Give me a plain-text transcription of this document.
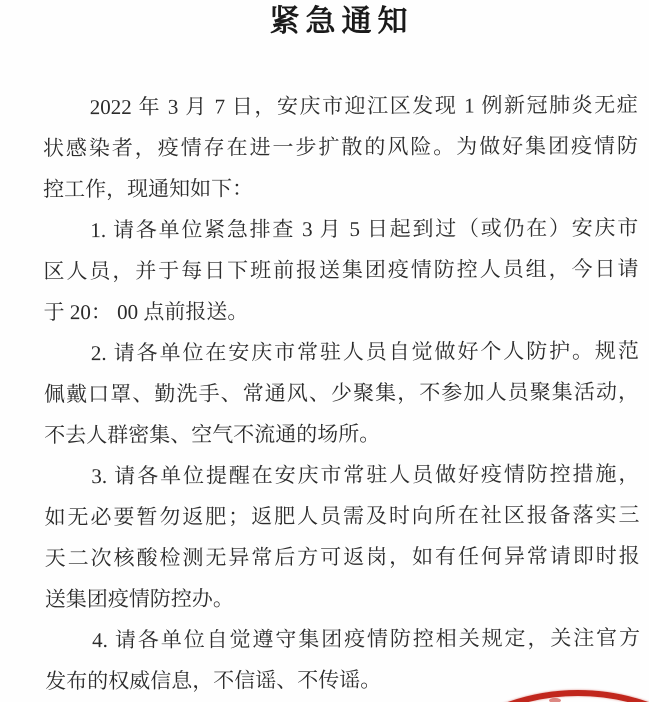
紧急通知
2022 年 3 月 7 日，安庆市迎江区发现 1 例新冠肺炎无症
状感染者，疫情存在进一步扩散的风险。为做好集团疫情防
控工作，现通知如下：
1. 请各单位紧急排查 3 月 5 日起到过（或仍在）安庆市
区人员，并于每日下班前报送集团疫情防控人员组，今日请
于 20： 00 点前报送。
2. 请各单位在安庆市常驻人员自觉做好个人防护。规范
佩戴口罩、勤洗手、常通风、少聚集，不参加人员聚集活动，
不去人群密集、空气不流通的场所。
3. 请各单位提醒在安庆市常驻人员做好疫情防控措施，
如无必要暂勿返肥；返肥人员需及时向所在社区报备落实三
天二次核酸检测无异常后方可返岗，如有任何异常请即时报
送集团疫情防控办。
4. 请各单位自觉遵守集团疫情防控相关规定，关注官方
发布的权威信息，不信谣、不传谣。
